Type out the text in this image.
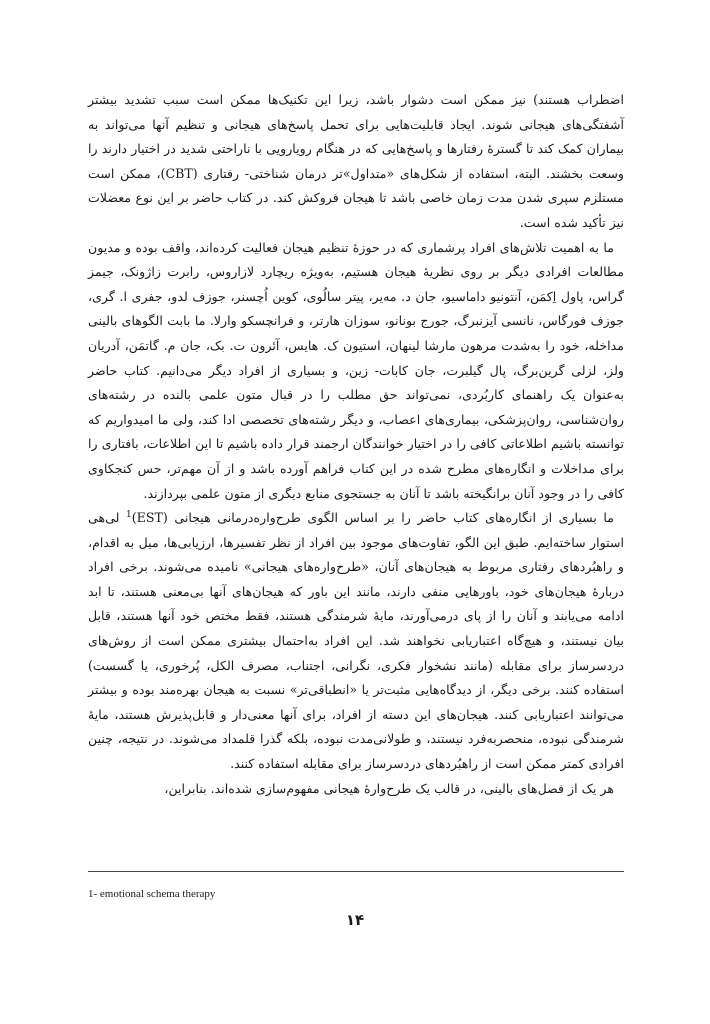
اضطراب هستند) نیز ممکن است دشوار باشد، زیرا این تکنیک‌ها ممکن است سبب تشدید بیشتر آشفتگی‌های هیجانی شوند. ایجاد قابلیت‌هایی برای تحمل پاسخ‌های هیجانی و تنظیم آنها می‌تواند به بیماران کمک کند تا گسترهٔ رفتارها و پاسخ‌هایی که در هنگام رویارویی با ناراحتی شدید در اختیار دارند را وسعت بخشند. البته، استفاده از شکل‌های «متداول»تر درمان شناختی- رفتاری (CBT)، ممکن است مستلزم سپری شدن مدت زمان خاصی باشد تا هیجان فروکش کند. در کتاب حاضر بر این نوع معضلات نیز تأکید شده است.

ما به اهمیت تلاش‌های افراد پرشماری که در حوزهٔ تنظیم هیجان فعالیت کرده‌اند، واقف بوده و مدیون مطالعات افرادی دیگر بر روی نظریهٔ هیجان هستیم، به‌ویژه ریچارد لازاروس، رابرت زاژونک، جیمز گراس، پاول اِکمَن، آنتونیو داماسیو، جان د. مه‌یر، پیتر سالُوی، کوین اُچسنر، جوزف لدو، جفری ا. گری، جوزف فورگاس، نانسی آیزنبرگ، جورج بونانو، سوزان هارتر، و فرانچسکو وارلا. ما بابت الگوهای بالینی مداخله، خود را به‌شدت مرهون مارشا لینهان، استیون ک. هایس، آئرون ت. بک، جان م. گاتمَن، آدریان ولز، لزلی گرین‌برگ، پال گیلبرت، جان کابات- زین، و بسیاری از افراد دیگر می‌دانیم. کتاب حاضر به‌عنوان یک راهنمای کاربُردی، نمی‌تواند حق مطلب را در قبال متون علمی بالنده در رشته‌های روان‌شناسی، روان‌پزشکی، بیماری‌های اعصاب، و دیگر رشته‌های تخصصی ادا کند، ولی ما امیدواریم که توانسته باشیم اطلاعاتی کافی را در اختیار خوانندگان ارجمند قرار داده باشیم تا این اطلاعات، بافتاری را برای مداخلات و انگاره‌های مطرح شده در این کتاب فراهم آورده باشد و از آن مهم‌تر، حس کنجکاوی کافی را در وجود آنان برانگیخته باشد تا آنان به جستجوی منابع دیگری از متون علمی بپردازند.

ما بسیاری از انگاره‌های کتاب حاضر را بر اساس الگوی طرح‌واره‌درمانی هیجانی (EST)$^1$ لی‌هی استوار ساخته‌ایم. طبق این الگو، تفاوت‌های موجود بین افراد از نظر تفسیرها، ارزیابی‌ها، میل به اقدام، و راهبُردهای رفتاری مربوط به هیجان‌های آنان، «طرح‌واره‌های هیجانی» نامیده می‌شوند. برخی افراد دربارهٔ هیجان‌های خود، باورهایی منفی دارند، مانند این باور که هیجان‌های آنها بی‌معنی هستند، تا ابد ادامه می‌یابند و آنان را از پای درمی‌آورند، مایهٔ شرمندگی هستند، فقط مختص خود آنها هستند، قابل بیان نیستند، و هیچ‌گاه اعتباریابی نخواهند شد. این افراد به‌احتمال بیشتری ممکن است از روش‌های دردسرساز برای مقابله (مانند نشخوار فکری، نگرانی، اجتناب، مصرف الکل، پُرخوری، یا گسست) استفاده کنند. برخی دیگر، از دیدگاه‌هایی مثبت‌تر یا «انطباقی‌تر» نسبت به هیجان بهره‌مند بوده و بیشتر می‌توانند اعتباریابی کنند. هیجان‌های این دسته از افراد، برای آنها معنی‌دار و قابل‌پذیرش هستند، مایهٔ شرمندگی نبوده، منحصربه‌فرد نیستند، و طولانی‌مدت نبوده، بلکه گذرا قلمداد می‌شوند. در نتیجه، چنین افرادی کمتر ممکن است از راهبُردهای دردسرساز برای مقابله استفاده کنند.

هر یک از فصل‌های بالینی، در قالب یک طرح‌وارهٔ هیجانی مفهوم‌سازی شده‌اند. بنابراین،

1- emotional schema therapy
۱۴
